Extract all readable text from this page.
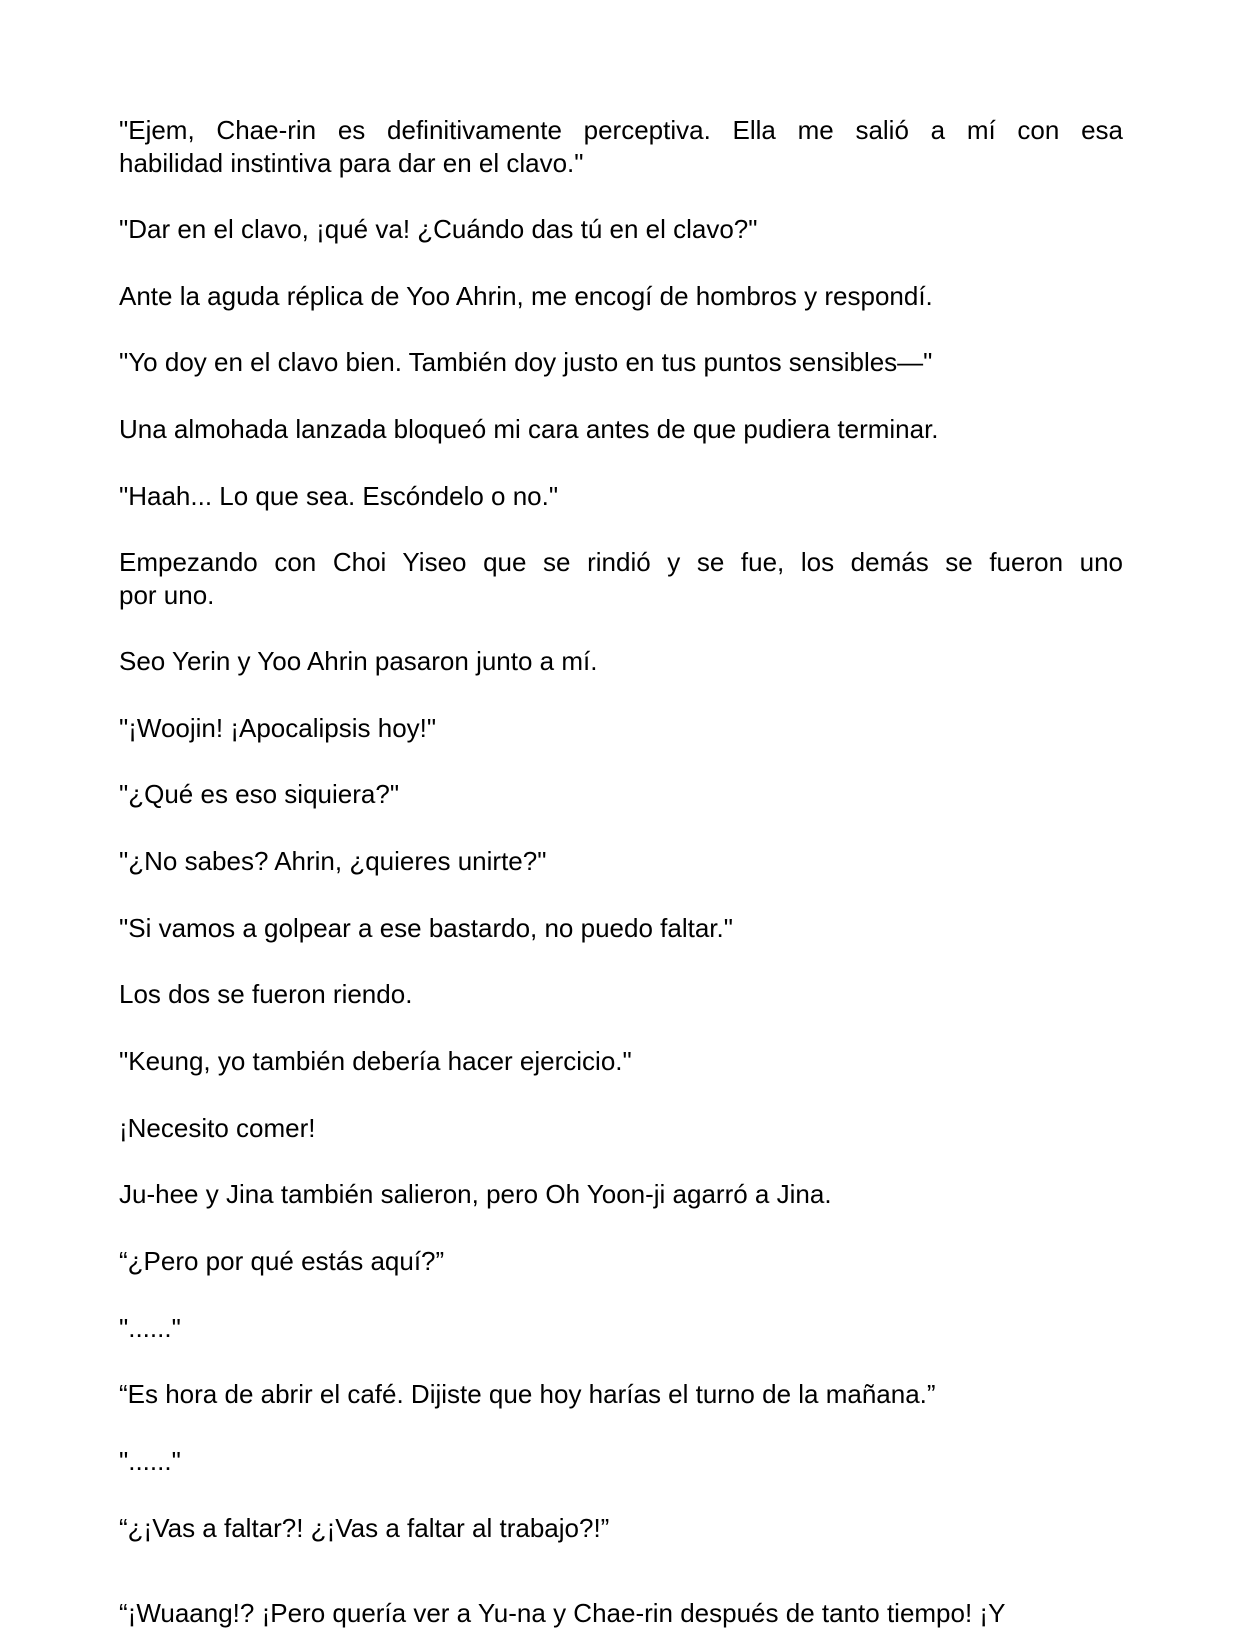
"Ejem, Chae-rin es definitivamente perceptiva. Ella me salió a mí con esa
habilidad instintiva para dar en el clavo."

"Dar en el clavo, ¡qué va! ¿Cuándo das tú en el clavo?"

Ante la aguda réplica de Yoo Ahrin, me encogí de hombros y respondí.

"Yo doy en el clavo bien. También doy justo en tus puntos sensibles—"

Una almohada lanzada bloqueó mi cara antes de que pudiera terminar.

"Haah... Lo que sea. Escóndelo o no."

Empezando con Choi Yiseo que se rindió y se fue, los demás se fueron uno
por uno.

Seo Yerin y Yoo Ahrin pasaron junto a mí.

"¡Woojin! ¡Apocalipsis hoy!"

"¿Qué es eso siquiera?"

"¿No sabes? Ahrin, ¿quieres unirte?"

"Si vamos a golpear a ese bastardo, no puedo faltar."

Los dos se fueron riendo.

"Keung, yo también debería hacer ejercicio."

¡Necesito comer!

Ju-hee y Jina también salieron, pero Oh Yoon-ji agarró a Jina.

“¿Pero por qué estás aquí?”

"......"

“Es hora de abrir el café. Dijiste que hoy harías el turno de la mañana.”

"......"

“¿¡Vas a faltar?! ¿¡Vas a faltar al trabajo?!”

“¡Wuaang!? ¡Pero quería ver a Yu-na y Chae-rin después de tanto tiempo! ¡Y
